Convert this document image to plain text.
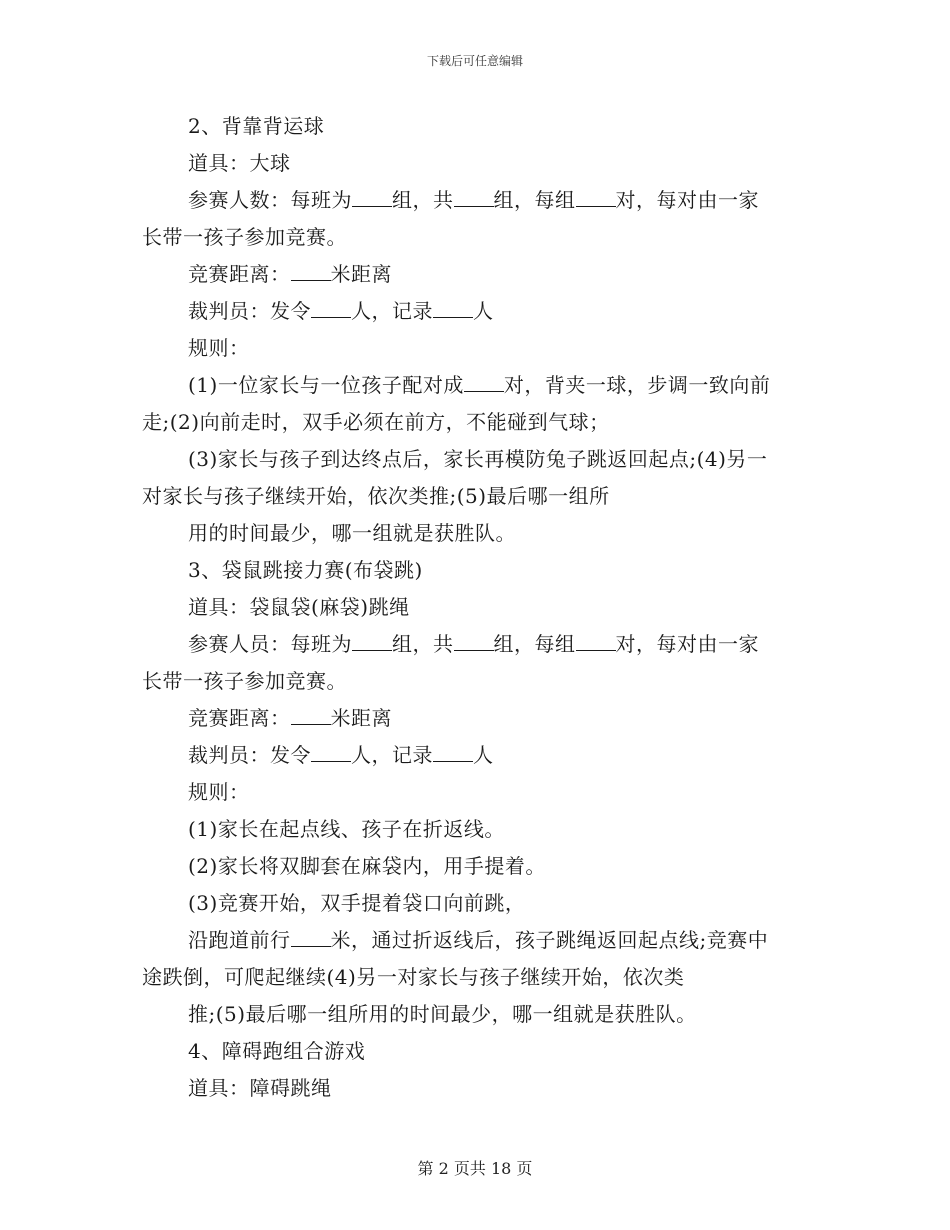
下载后可任意编辑
2、背靠背运球
道具：大球
参赛人数：每班为 组，共 组，每组 对，每对由一家
长带一孩子参加竞赛。
竞赛距离： 米距离
裁判员：发令 人，记录 人
规则：
(1)一位家长与一位孩子配对成 对，背夹一球，步调一致向前
走;(2)向前走时，双手必须在前方，不能碰到气球；
(3)家长与孩子到达终点后，家长再模防兔子跳返回起点;(4)另一
对家长与孩子继续开始，依次类推;(5)最后哪一组所
用的时间最少，哪一组就是获胜队。
3、袋鼠跳接力赛(布袋跳)
道具：袋鼠袋(麻袋)跳绳
参赛人员：每班为 组，共 组，每组 对，每对由一家
长带一孩子参加竞赛。
竞赛距离： 米距离
裁判员：发令 人，记录 人
规则：
(1)家长在起点线、孩子在折返线。
(2)家长将双脚套在麻袋内，用手提着。
(3)竞赛开始，双手提着袋口向前跳，
沿跑道前行 米，通过折返线后，孩子跳绳返回起点线;竞赛中
途跌倒，可爬起继续(4)另一对家长与孩子继续开始，依次类
推;(5)最后哪一组所用的时间最少，哪一组就是获胜队。
4、障碍跑组合游戏
道具：障碍跳绳
第 2 页共 18 页
